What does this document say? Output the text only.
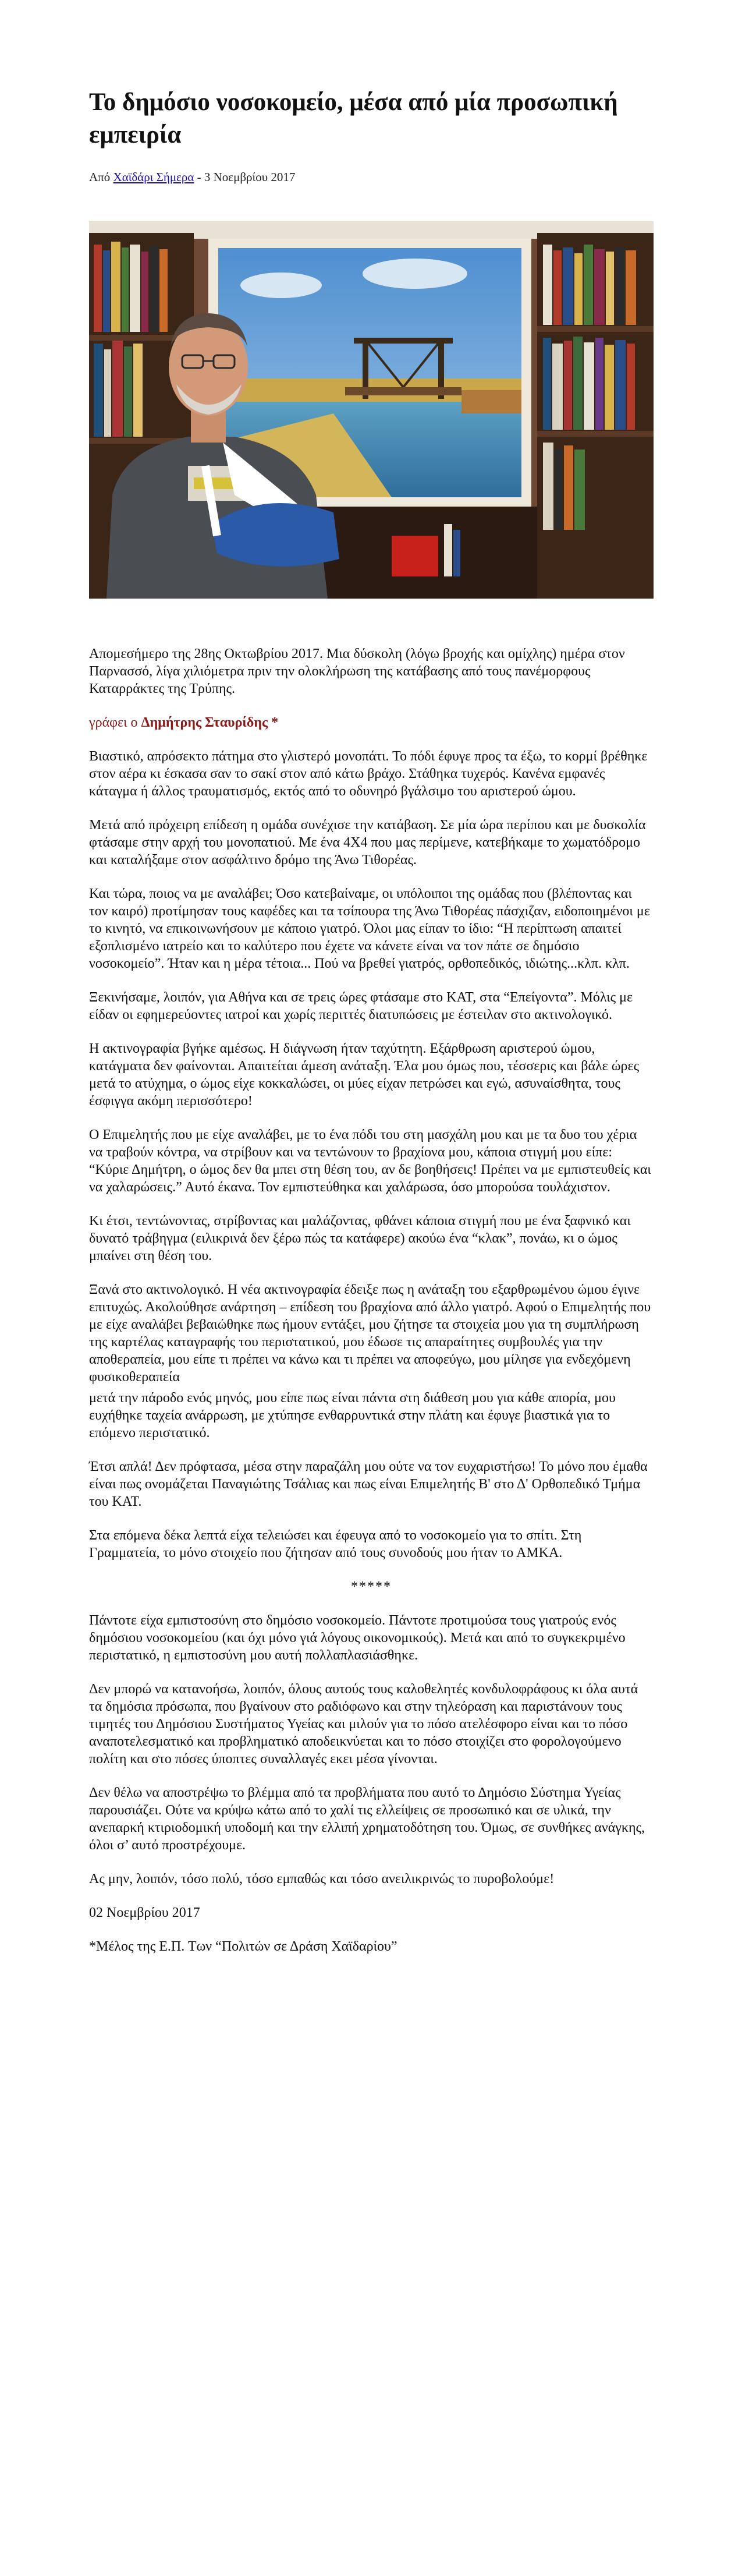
Το δημόσιο νοσοκομείο, μέσα από μία προσωπική εμπειρία
Από Χαϊδάρι Σήμερα - 3 Νοεμβρίου 2017

Απομεσήμερο της 28ης Οκτωβρίου 2017. Μια δύσκολη (λόγω βροχής και ομίχλης) ημέρα στον Παρνασσό, λίγα χιλιόμετρα πριν την ολοκλήρωση της κατάβασης από τους πανέμορφους Καταρράκτες της Τρύπης.

γράφει ο Δημήτρης Σταυρίδης *

Βιαστικό, απρόσεκτο πάτημα στο γλιστερό μονοπάτι. Το πόδι έφυγε προς τα έξω, το κορμί βρέθηκε στον αέρα κι έσκασα σαν το σακί στον από κάτω βράχο. Στάθηκα τυχερός. Κανένα εμφανές κάταγμα ή άλλος τραυματισμός, εκτός από το οδυνηρό βγάλσιμο του αριστερού ώμου.

Μετά από πρόχειρη επίδεση η ομάδα συνέχισε την κατάβαση. Σε μία ώρα περίπου και με δυσκολία φτάσαμε στην αρχή του μονοπατιού. Με ένα 4Χ4 που μας περίμενε, κατεβήκαμε το χωματόδρομο και καταλήξαμε στον ασφάλτινο δρόμο της Άνω Τιθορέας.

Και τώρα, ποιος να με αναλάβει; Όσο κατεβαίναμε, οι υπόλοιποι της ομάδας που (βλέποντας και τον καιρό) προτίμησαν τους καφέδες και τα τσίπουρα της Άνω Τιθορέας πάσχιζαν, ειδοποιημένοι με το κινητό, να επικοινωνήσουν με κάποιο γιατρό. Όλοι μας είπαν το ίδιο: “Η περίπτωση απαιτεί εξοπλισμένο ιατρείο και το καλύτερο που έχετε να κάνετε είναι να τον πάτε σε δημόσιο νοσοκομείο”. Ήταν και η μέρα τέτοια... Πού να βρεθεί γιατρός, ορθοπεδικός, ιδιώτης...κλπ. κλπ.

Ξεκινήσαμε, λοιπόν, για Αθήνα και σε τρεις ώρες φτάσαμε στο ΚΑΤ, στα “Επείγοντα”. Μόλις με είδαν οι εφημερεύοντες ιατροί και χωρίς περιττές διατυπώσεις με έστειλαν στο ακτινολογικό.

Η ακτινογραφία βγήκε αμέσως. Η διάγνωση ήταν ταχύτητη. Εξάρθρωση αριστερού ώμου, κατάγματα δεν φαίνονται. Απαιτείται άμεση ανάταξη. Έλα μου όμως που, τέσσερις και βάλε ώρες μετά το ατύχημα, ο ώμος είχε κοκκαλώσει, οι μύες είχαν πετρώσει και εγώ, ασυναίσθητα, τους έσφιγγα ακόμη περισσότερο!

Ο Επιμελητής που με είχε αναλάβει, με το ένα πόδι του στη μασχάλη μου και με τα δυο του χέρια να τραβούν κόντρα, να στρίβουν και να τεντώνουν το βραχίονα μου, κάποια στιγμή μου είπε: “Κύριε Δημήτρη, ο ώμος δεν θα μπει στη θέση του, αν δε βοηθήσεις! Πρέπει να με εμπιστευθείς και να χαλαρώσεις.” Αυτό έκανα. Τον εμπιστεύθηκα και χαλάρωσα, όσο μπορούσα τουλάχιστον.

Κι έτσι, τεντώνοντας, στρίβοντας και μαλάζοντας, φθάνει κάποια στιγμή που με ένα ξαφνικό και δυνατό τράβηγμα (ειλικρινά δεν ξέρω πώς τα κατάφερε) ακούω ένα “κλακ”, πονάω, κι ο ώμος μπαίνει στη θέση του.

Ξανά στο ακτινολογικό. Η νέα ακτινογραφία έδειξε πως η ανάταξη του εξαρθρωμένου ώμου έγινε επιτυχώς. Ακολούθησε ανάρτηση – επίδεση του βραχίονα από άλλο γιατρό. Αφού ο Επιμελητής που με είχε αναλάβει βεβαιώθηκε πως ήμουν εντάξει, μου ζήτησε τα στοιχεία μου για τη συμπλήρωση της καρτέλας καταγραφής του περιστατικού, μου έδωσε τις απαραίτητες συμβουλές για την αποθεραπεία, μου είπε τι πρέπει να κάνω και τι πρέπει να αποφεύγω, μου μίλησε για ενδεχόμενη φυσικοθεραπεία

μετά την πάροδο ενός μηνός, μου είπε πως είναι πάντα στη διάθεση μου για κάθε απορία, μου ευχήθηκε ταχεία ανάρρωση, με χτύπησε ενθαρρυντικά στην πλάτη και έφυγε βιαστικά για το επόμενο περιστατικό.

Έτσι απλά! Δεν πρόφτασα, μέσα στην παραζάλη μου ούτε να τον ευχαριστήσω! Το μόνο που έμαθα είναι πως ονομάζεται Παναγιώτης Τσάλιας και πως είναι Επιμελητής Β' στο Δ' Ορθοπεδικό Τμήμα του ΚΑΤ.

Στα επόμενα δέκα λεπτά είχα τελειώσει και έφευγα από το νοσοκομείο για το σπίτι. Στη Γραμματεία, το μόνο στοιχείο που ζήτησαν από τους συνοδούς μου ήταν το ΑΜΚΑ.

*****

Πάντοτε είχα εμπιστοσύνη στο δημόσιο νοσοκομείο. Πάντοτε προτιμούσα τους γιατρούς ενός δημόσιου νοσοκομείου (και όχι μόνο γιά λόγους οικονομικούς). Μετά και από το συγκεκριμένο περιστατικό, η εμπιστοσύνη μου αυτή πολλαπλασιάσθηκε.

Δεν μπορώ να κατανοήσω, λοιπόν, όλους αυτούς τους καλοθελητές κονδυλοφράφους κι όλα αυτά τα δημόσια πρόσωπα, που βγαίνουν στο ραδιόφωνο και στην τηλεόραση και παριστάνουν τους τιμητές του Δημόσιου Συστήματος Υγείας και μιλούν για το πόσο ατελέσφορο είναι και το πόσο αναποτελεσματικό και προβληματικό αποδεικνύεται και το πόσο στοιχίζει στο φορολογούμενο πολίτη και στο πόσες ύποπτες συναλλαγές εκει μέσα γίνονται.

Δεν θέλω να αποστρέψω το βλέμμα από τα προβλήματα που αυτό το Δημόσιο Σύστημα Υγείας παρουσιάζει. Ούτε να κρύψω κάτω από το χαλί τις ελλείψεις σε προσωπικό και σε υλικά, την ανεπαρκή κτιριοδομική υποδομή και την ελλιπή χρηματοδότηση του. Όμως, σε συνθήκες ανάγκης, όλοι σ’ αυτό προστρέχουμε.

Ας μην, λοιπόν, τόσο πολύ, τόσο εμπαθώς και τόσο ανειλικρινώς το πυροβολούμε!

02 Νοεμβρίου 2017

*Μέλος της Ε.Π. Των “Πολιτών σε Δράση Χαϊδαρίου”
